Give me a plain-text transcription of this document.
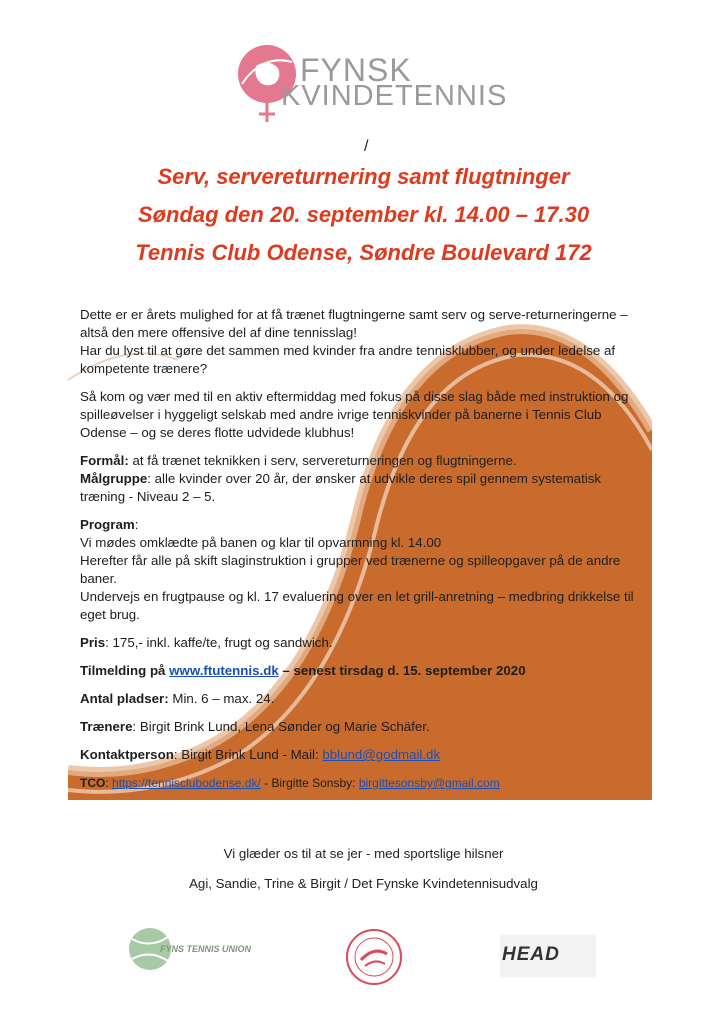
FYNSK
KVINDETENNIS
/
Serv, servereturnering samt flugtninger
Søndag den 20. september kl. 14.00 – 17.30
Tennis Club Odense, Søndre Boulevard 172

Dette er er årets mulighed for at få trænet flugtningerne samt serv og serve-returneringerne – altså den mere offensive del af dine tennisslag!
Har du lyst til at gøre det sammen med kvinder fra andre tennisklubber, og under ledelse af kompetente trænere?

Så kom og vær med til en aktiv eftermiddag med fokus på disse slag både med instruktion og spilleøvelser i hyggeligt selskab med andre ivrige tenniskvinder på banerne i Tennis Club Odense – og se deres flotte udvidede klubhus!

Formål: at få trænet teknikken i serv, servereturneringen og flugtningerne.
Målgruppe: alle kvinder over 20 år, der ønsker at udvikle deres spil gennem systematisk træning - Niveau 2 – 5.

Program:
Vi mødes omklædte på banen og klar til opvarmning kl. 14.00
Herefter får alle på skift slaginstruktion i grupper ved trænerne og spilleopgaver på de andre baner.
Undervejs en frugtpause og kl. 17 evaluering over en let grill-anretning – medbring drikkelse til eget brug.

Pris: 175,- inkl. kaffe/te, frugt og sandwich.

Tilmelding på www.ftutennis.dk – senest tirsdag d. 15. september 2020

Antal pladser: Min. 6 – max. 24.

Trænere: Birgit Brink Lund, Lena Sønder og Marie Schäfer.

Kontaktperson: Birgit Brink Lund - Mail: bblund@godmail.dk

TCO: https://tennisclubodense.dk/ - Birgitte Sonsby: birgittesonsby@gmail.com

Vi glæder os til at se jer - med sportslige hilsner
Agi, Sandie, Trine & Birgit / Det Fynske Kvindetennisudvalg
FYNS TENNIS UNION	HEAD
